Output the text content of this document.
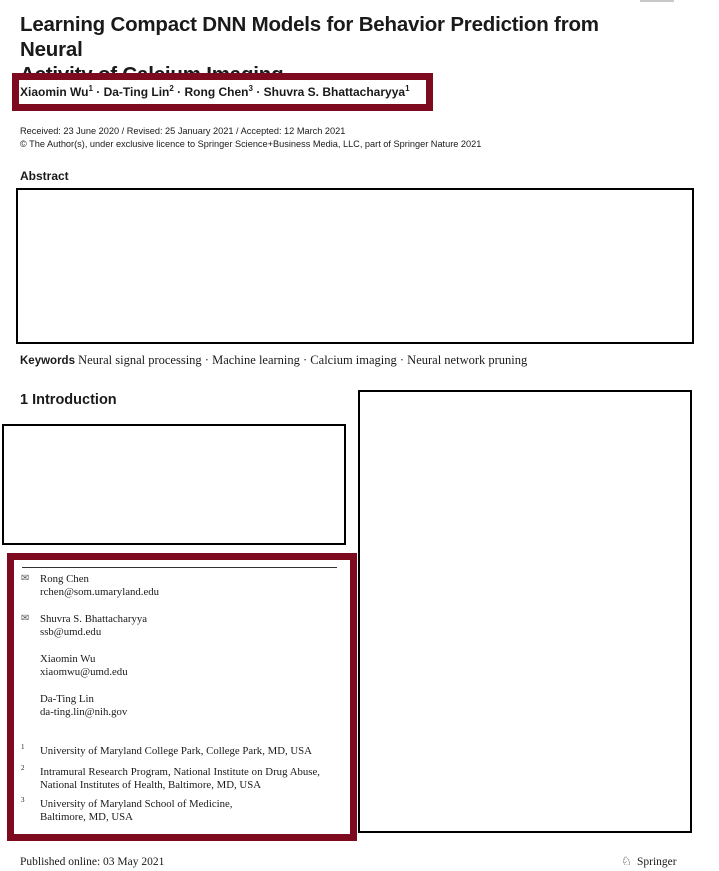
Learning Compact DNN Models for Behavior Prediction from Neural
Xiaomin $Wu^1$ · Da-Ting Lin$^2$ · Rong Chen$^3$ · Shuvra S. Bhattacharyya$^1$
Received: 23 June 2020 / Revised: 25 January 2021 / Accepted: 12 March 2021
© The Author(s), under exclusive licence to Springer Science+Business Media, LLC, part of Springer Nature 2021
Abstract
Keywords Neural signal processing · Machine learning · Calcium imaging · Neural network pruning
1 Introduction
✉ Rong Chen
rchen@som.umaryland.edu
✉ Shuvra S. Bhattacharyya
ssb@umd.edu
Xiaomin Wu
xiaomwu@umd.edu
Da-Ting Lin
da-ting.lin@nih.gov
1 University of Maryland College Park, College Park, MD, USA
2 Intramural Research Program, National Institute on Drug Abuse, National Institutes of Health, Baltimore, MD, USA
3 University of Maryland School of Medicine, Baltimore, MD, USA
Published online: 03 May 2021	♘ Springer
